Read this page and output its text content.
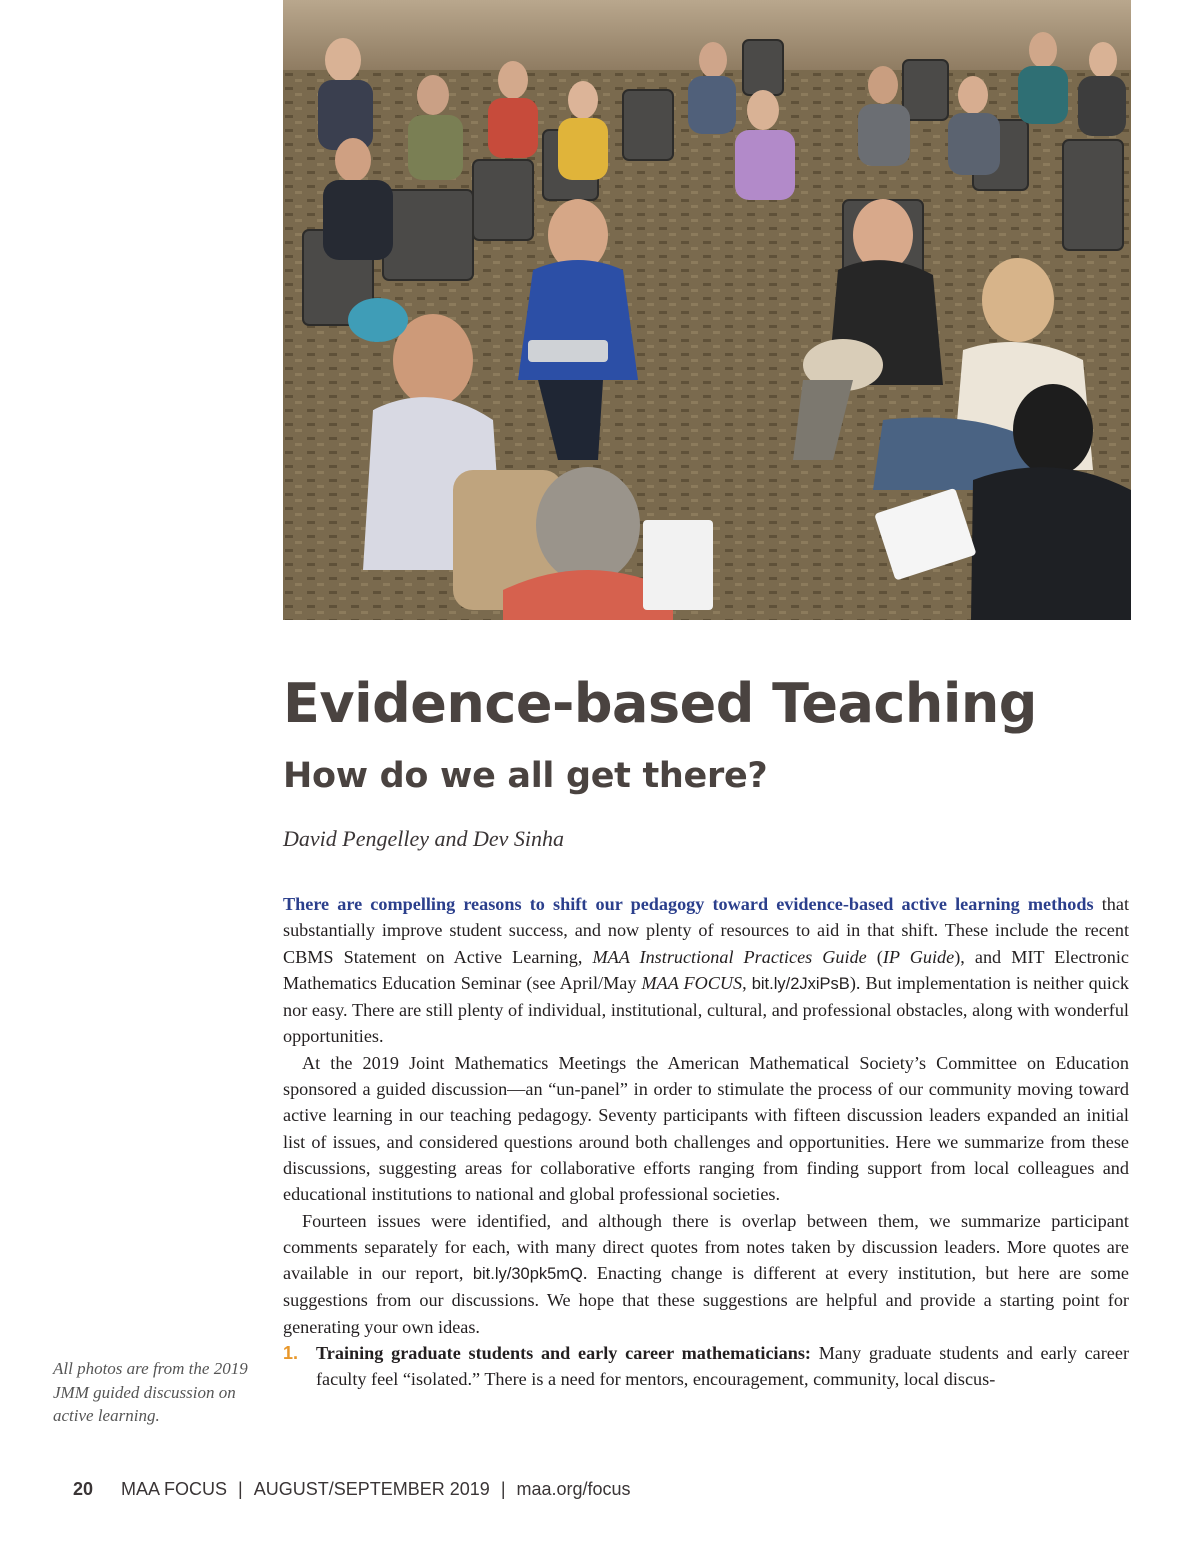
Evidence-based Teaching
How do we all get there?
David Pengelley and Dev Sinha

There are compelling reasons to shift our pedagogy toward evidence-based active learning methods that substantially improve student success, and now plenty of resources to aid in that shift. These include the recent CBMS Statement on Active Learning, MAA Instructional Practices Guide (IP Guide), and MIT Electronic Mathematics Education Seminar (see April/May MAA FOCUS, bit.ly/2JxiPsB). But implementation is neither quick nor easy. There are still plenty of individual, institutional, cultural, and professional obstacles, along with wonderful opportunities.

At the 2019 Joint Mathematics Meetings the American Mathematical Society’s Committee on Education sponsored a guided discussion—an “un-panel” in order to stimulate the process of our community moving toward active learning in our teaching pedagogy. Seventy participants with fifteen discussion leaders expanded an initial list of issues, and considered questions around both challenges and opportunities. Here we summarize from these discussions, suggesting areas for collaborative efforts ranging from finding support from local colleagues and educational institutions to national and global professional societies.

Fourteen issues were identified, and although there is overlap between them, we summarize participant comments separately for each, with many direct quotes from notes taken by discussion leaders. More quotes are available in our report, bit.ly/30pk5mQ. Enacting change is different at every institution, but here are some suggestions from our discussions. We hope that these suggestions are helpful and provide a starting point for generating your own ideas.

1. Training graduate students and early career mathematicians: Many graduate students and early career faculty feel “isolated.” There is a need for mentors, encouragement, community, local discus-

All photos are from the 2019 JMM guided discussion on active learning.
20 MAA FOCUS | AUGUST/SEPTEMBER 2019 | maa.org/focus
